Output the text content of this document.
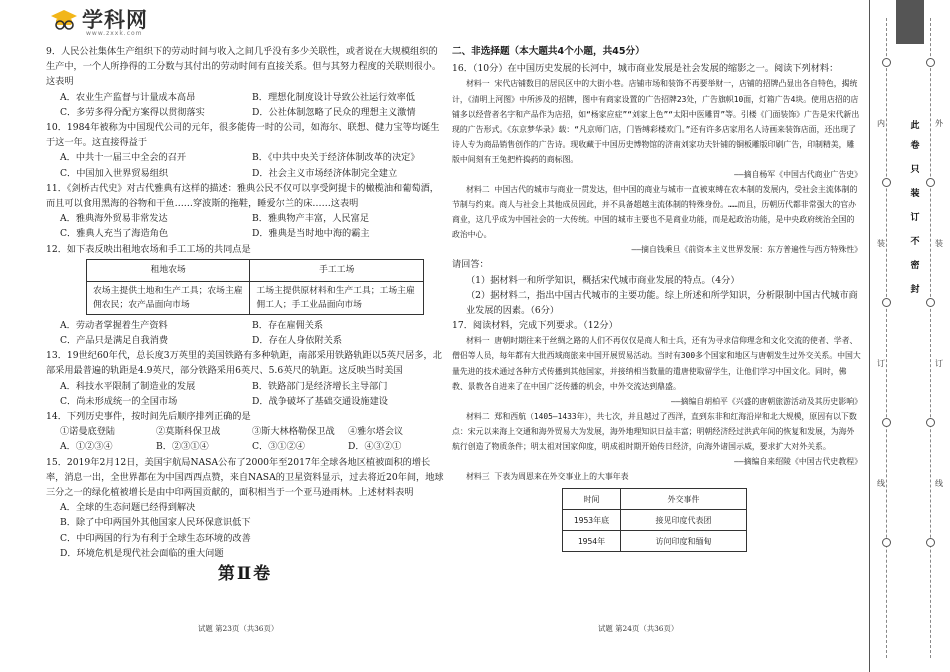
学科网
www.zxxk.com
9．人民公社集体生产组织下的劳动时间与收入之间几乎没有多少关联性，或者说在大规模组织的生产中，一个人所挣得的工分数与其付出的劳动时间有直接关系。但与其努力程度的关联则很小。这表明
A．农业生产监督与计量成本高昂	B．理想化制度设计导致公社运行效率低
C．多劳多得分配方案得以贯彻落实	D．公社体制忽略了民众的理想主义激情
10．1984年被称为中国现代公司的元年，很多能俦一时的公司，如海尔、联想、健力宝等均诞生于这一年。这直接得益于
A．中共十一届三中全会的召开	B．《中共中央关于经济体制改革的决定》
C．中国加入世界贸易组织	D．社会主义市场经济体制完全建立
11．《剑桥古代史》对古代雅典有这样的描述：雅典公民不仅可以享受阿提卡的橄榄油和葡萄酒，而且可以食用黑海的谷物和干鱼……穿波斯的拖鞋，睡爱尔兰的床……这表明
A．雅典海外贸易非常发达	B．雅典物产丰富，人民富足
C．雅典人充当了海造角色	D．雅典是当时地中海的霸主
12．如下表反映出租地农场和手工工场的共同点是
租地农场	手工工场
农场主提供土地和生产工具；农场主雇佣农民；农产品面向市场	工场主提供原材料和生产工具；工场主雇佣工人；手工业品面向市场
A．劳动者掌握着生产资料	B．存在雇佣关系
C．产品只是满足自我消费	D．存在人身依附关系
13．19世纪60年代，总长度3万英里的美国铁路有多种轨距，南部采用铁路轨距以5英尺居多，北部采用最普遍的轨距是4.9英尺，部分铁路采用6英尺、5.6英尺的轨距。这反映当时美国
A．科技水平限制了制造业的发展	B．铁路部门是经济增长主导部门
C．尚未形成统一的全国市场	D．战争破坏了基础交通设施建设
14．下列历史事件，按时间先后顺序排列正确的是
①诺曼底登陆	②莫斯科保卫战	③斯大林格勒保卫战	④雅尔塔会议
A．①②③④	B．②③①④	C．③①②④	D．④③②①
15．2019年2月12日，美国宇航局NASA公布了2000年至2017年全球各地区植被面积的增长率，消息一出，全世界都在为中国西西点赞，来自NASA的卫星资料显示，过去将近20年间，地球三分之一的绿化植被增长是由中印两国贡献的，面积相当于一个亚马逊雨林。上述材料表明
A．全球的生态问题已经得到解决
B．除了中印两国外其他国家人民环保意识低下
C．中印两国的行为有利于全球生态环境的改善
D．环境危机是现代社会面临的重大问题
第Ⅱ卷
二、非选择题（本大题共4个小题，共45分）
16．（10分）在中国历史发展的长河中，城市商业发展是社会发展的缩影之一。阅读下列材料：

材料一 宋代店铺数目的居民区中的大街小巷。店铺市场和装饰不再要举财一，店铺的招牌凸显出各自特色，揭统计，《清明上河图》中所涉及的招牌，图中有商家设置的广告招牌23处，广告旗帜10面，灯箱广告4块。使用店招的店铺多以经营者名字和产品作为店招，如“杨家应症”“刘家上色”“太阳中医雕胃”等。引楼《门面装饰》广告是宋代新出现的广告形式。《东京梦华录》载：“凡京师门店，门皆缚彩楼欢门。”还有许多店家用名人诗画来装饰店面，还出现了诗人专为商品销售创作的广告诗。现收藏于中国历史博物馆的济南刘家功夫针铺的铜板雕版印刷广告，印制精美，雕版中间刻有王兔把杵捣药的商标图。

——摘自杨军《中国古代商业广告史》

材料二 中国古代的城市与商业一贯发达，但中国的商业与城市一直被束缚在农本制的发展内，受社会主流体制的节制与约束。商人与社会上其他成员因此，并不具备超越主流体制的特殊身份。……而且，历朝历代都非常强大的官办商业，这几乎成为中国社会的一大传统。中国的城市主要也不是商业功能，而是起政治功能，是中央政府统治全国的政治中心。

——摘自钱乘旦《前资本主义世界发展：东方普遍性与西方特殊性》

请回答：
（1）据材料一和所学知识，概括宋代城市商业发展的特点。（4分）
（2）据材料二，指出中国古代城市的主要功能。综上所述和所学知识，分析限制中国古代城市商业发展的因素。（6分）
17．阅读材料，完成下列要求。（12分）

材料一 唐朝时期往来于丝绸之路的人们不再仅仅是商人和士兵，还有为寻求信仰理念和文化交流的使者、学者、僧侣等人员，每年都有大批西域商旅来中国开展贸易活动。当时有300多个国家和地区与唐朝发生过外交关系。中国大量先进的技术通过各种方式传播到其他国家，并接纳相当数量的遣唐使取留学生，让他们学习中国文化。同时，佛教、景教各自进来了在中国广泛传播的机会，中外交流达到鼎盛。

——摘编自胡柏平《兴盛的唐朝旅游活动及其历史影响》

材料二 郑和西航（1405—1433年），共七次，并且越过了西洋，直到东非和红海沿岸和北大规模，原因有以下数点：宋元以来海上交通和海外贸易大为发展，海外地理知识日益丰富；明朝经济经过洪武年间的恢复和发展，为海外航行创造了物质条件；明太祖对国家仰度，明成祖时期开始传日经济，向海外诸国示威，要求扩大对外关系。

——摘编自来绍陵《中国古代史教程》

材料三 下表为周恩来在外交事业上的大事年表

时间	外交事件
1953年底	接见印度代表团
1954年	访问印度和缅甸
试题 第23页（共36页）	试题 第24页（共36页）
内
装
订
线
外
装
订
线
此
卷
只
装
订
不
密
封
